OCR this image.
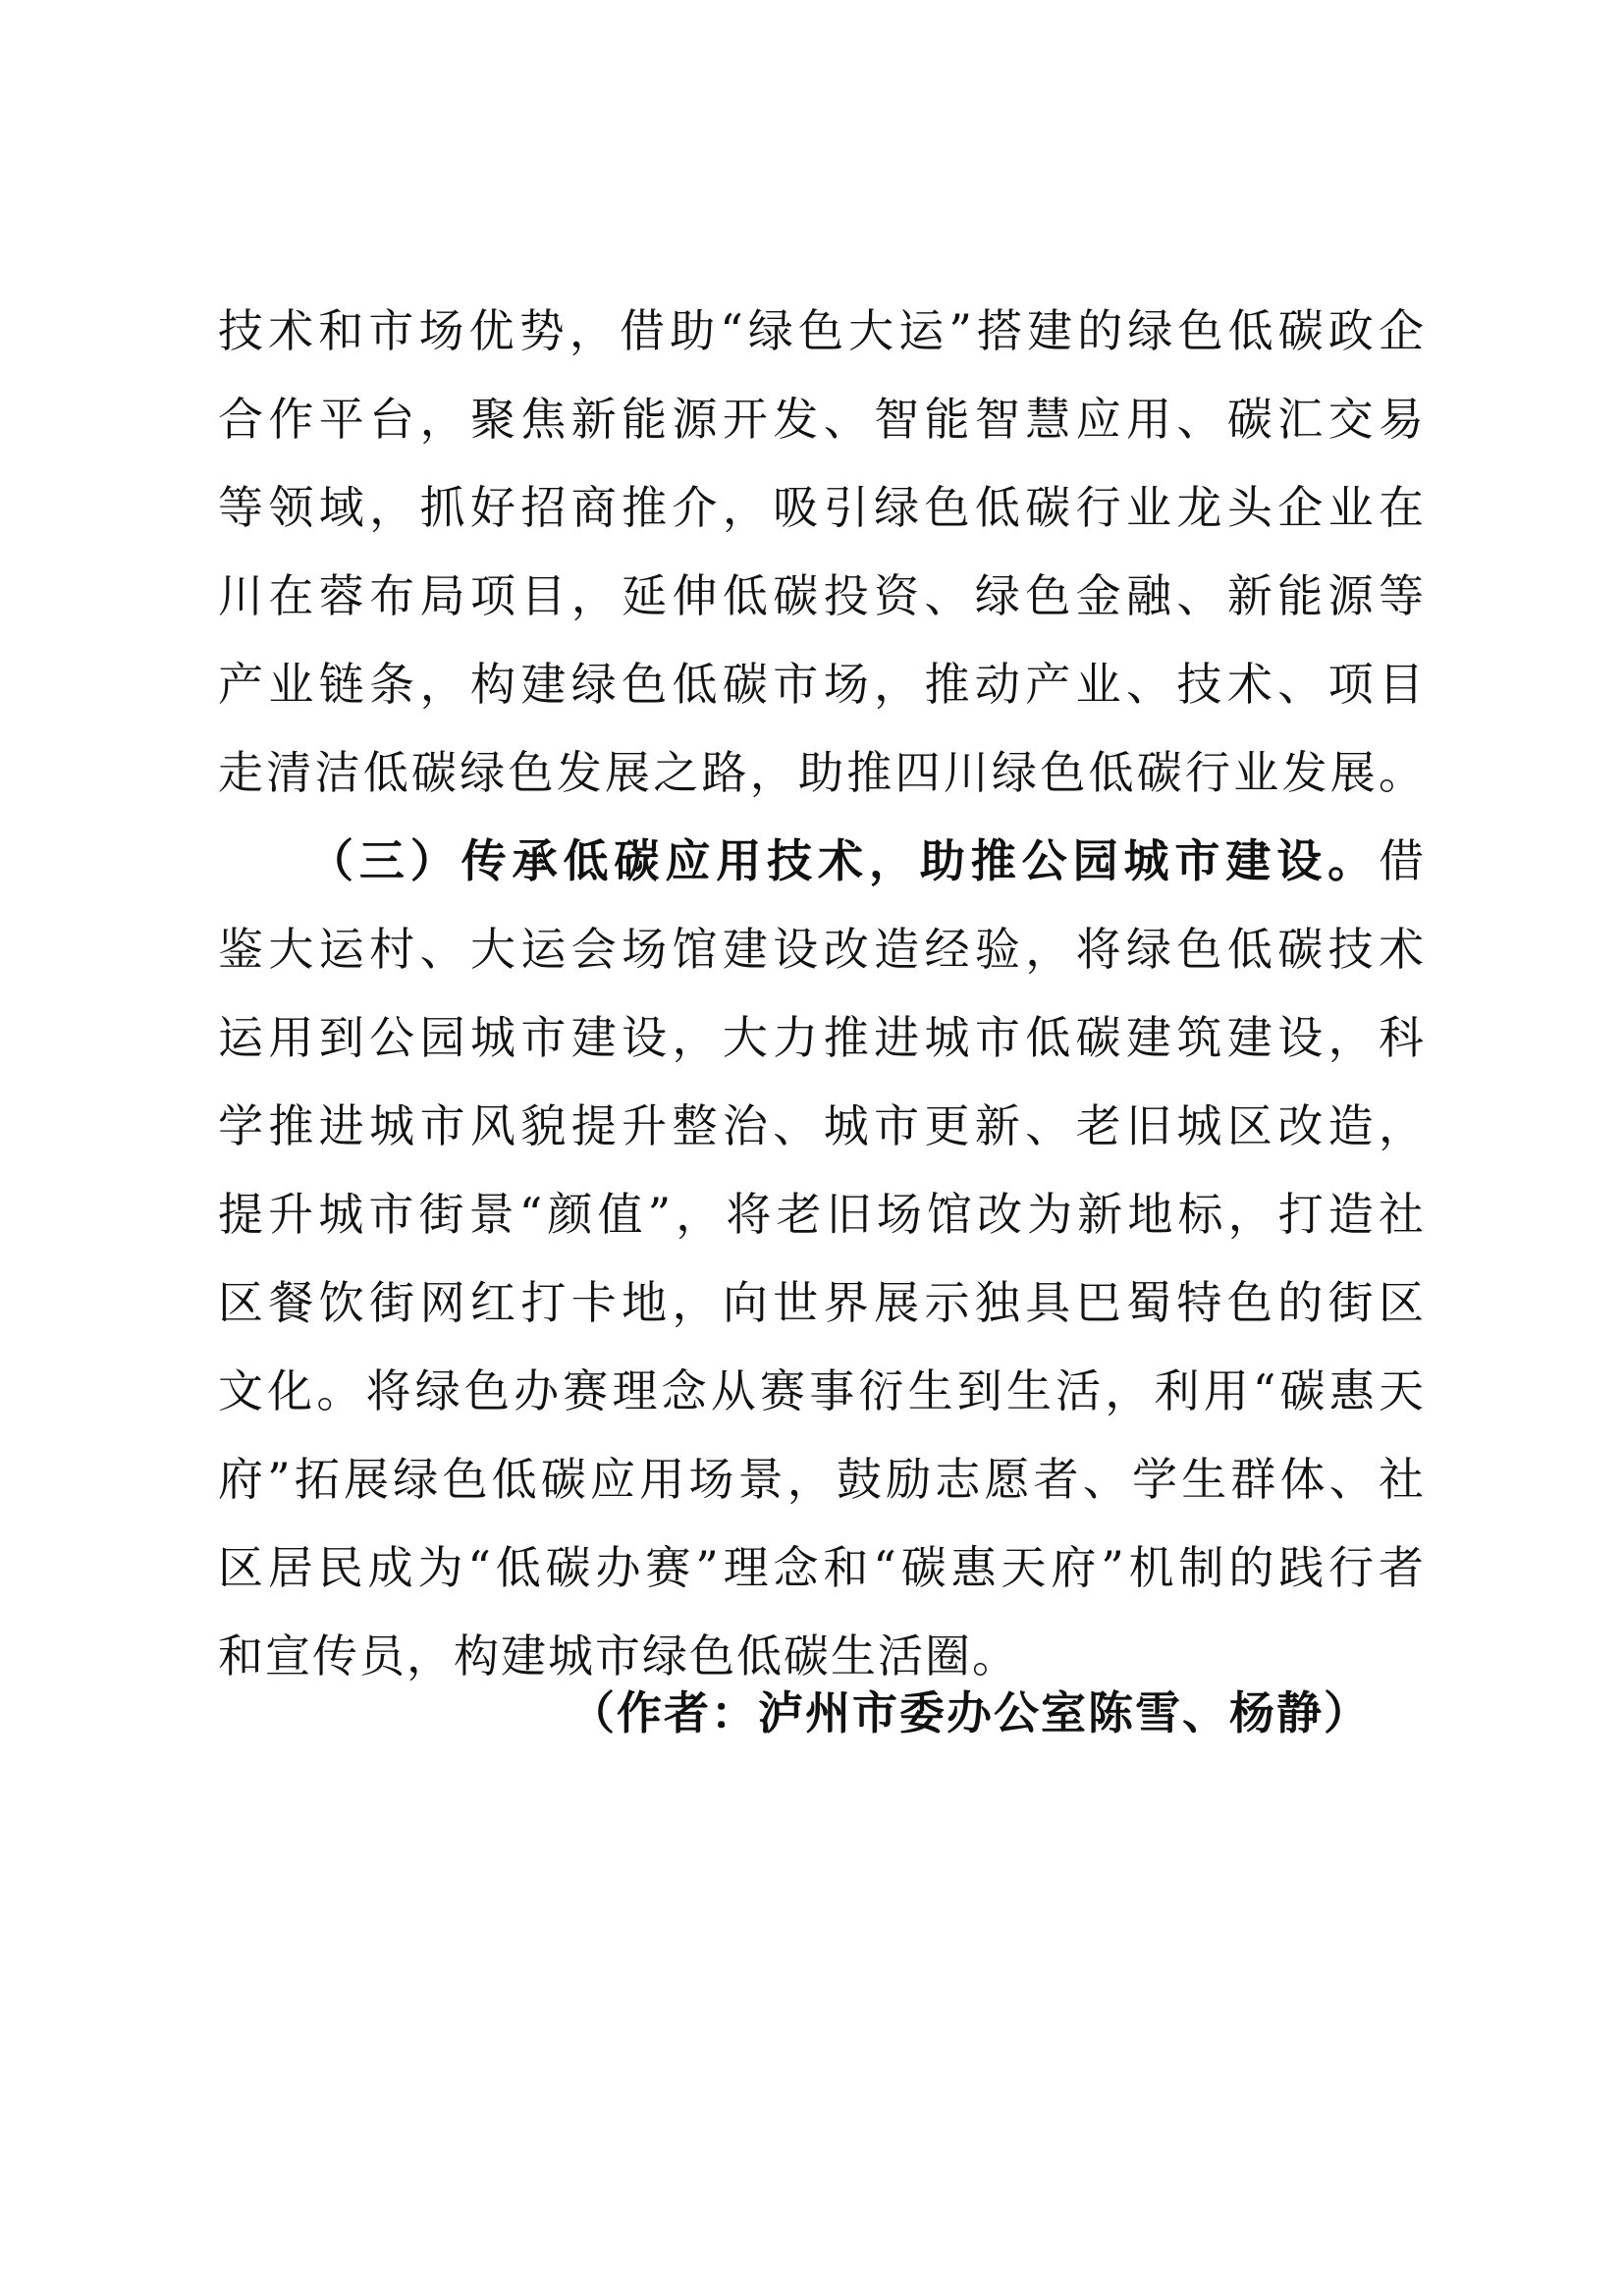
技术和市场优势，借助“绿色大运”搭建的绿色低碳政企
合作平台，聚焦新能源开发、智能智慧应用、碳汇交易
等领域，抓好招商推介，吸引绿色低碳行业龙头企业在
川在蓉布局项目，延伸低碳投资、绿色金融、新能源等
产业链条，构建绿色低碳市场，推动产业、技术、项目
走清洁低碳绿色发展之路，助推四川绿色低碳行业发展。
（三）传承低碳应用技术，助推公园城市建设。借
鉴大运村、大运会场馆建设改造经验，将绿色低碳技术
运用到公园城市建设，大力推进城市低碳建筑建设，科
学推进城市风貌提升整治、城市更新、老旧城区改造，
提升城市街景“颜值”，将老旧场馆改为新地标，打造社
区餐饮街网红打卡地，向世界展示独具巴蜀特色的街区
文化。将绿色办赛理念从赛事衍生到生活，利用“碳惠天
府”拓展绿色低碳应用场景，鼓励志愿者、学生群体、社
区居民成为“低碳办赛”理念和“碳惠天府”机制的践行者
和宣传员，构建城市绿色低碳生活圈。
（作者：泸州市委办公室陈雪、杨静）
